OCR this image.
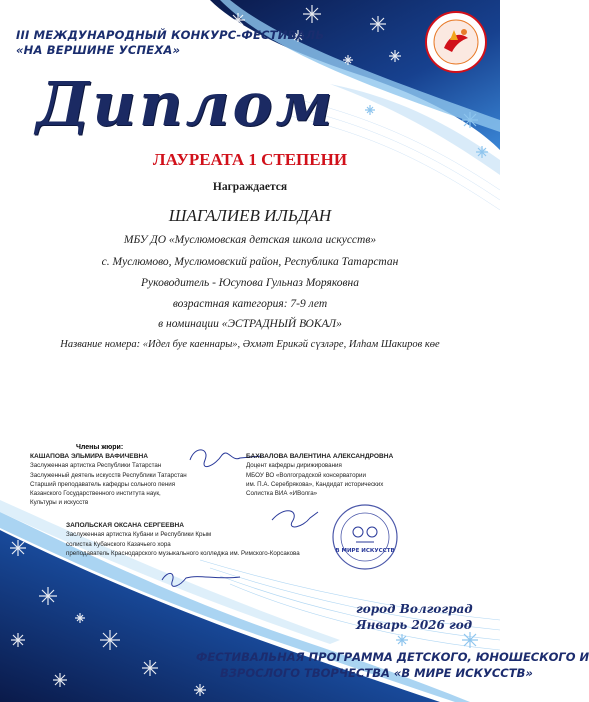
III МЕЖДУНАРОДНЫЙ КОНКУРС-ФЕСТИВАЛЬ
«НА ВЕРШИНЕ УСПЕХА»
Диплом
ЛАУРЕАТА 1 СТЕПЕНИ
Награждается
ШАГАЛИЕВ ИЛЬДАН
МБУ ДО «Муслюмовская детская школа искусств»
с. Муслюмово, Муслюмовский район, Республика Татарстан
Руководитель - Юсупова Гульназ Моряковна
возрастная категория: 7-9 лет
в номинации «ЭСТРАДНЫЙ ВОКАЛ»
Название номера: «Идел буе каеннары», Әхмәт Ерикәй сүзләре, Илһам Шакиров көе
Члены жюри:
КАШАПОВА ЭЛЬМИРА ВАФИЧЕВНА
Заслуженная артистка Республики Татарстан
Заслуженный деятель искусств Республики Татарстан
Старший преподаватель кафедры сольного пения
Казанского Государственного института наук,
Культуры и искусств
БАХВАЛОВА ВАЛЕНТИНА АЛЕКСАНДРОВНА
Доцент кафедры дирижирования
МБОУ ВО «Волгоградской консерватории
им. П.А. Серебрякова», Кандидат исторических
Солистка ВИА «ИВолга»
ЗАПОЛЬСКАЯ ОКСАНА СЕРГЕЕВНА
Заслуженная артистка Кубани и Республики Крым
солистка Кубанского Казачьего хора
преподаватель Краснодарского музыкального колледжа им. Римского-Корсакова	В МИРЕ ИСКУССТВ
город Волгоград
Январь 2026 год
ФЕСТИВАЛЬНАЯ ПРОГРАММА ДЕТСКОГО, ЮНОШЕСКОГО И
ВЗРОСЛОГО ТВОРЧЕСТВА «В МИРЕ ИСКУССТВ»
